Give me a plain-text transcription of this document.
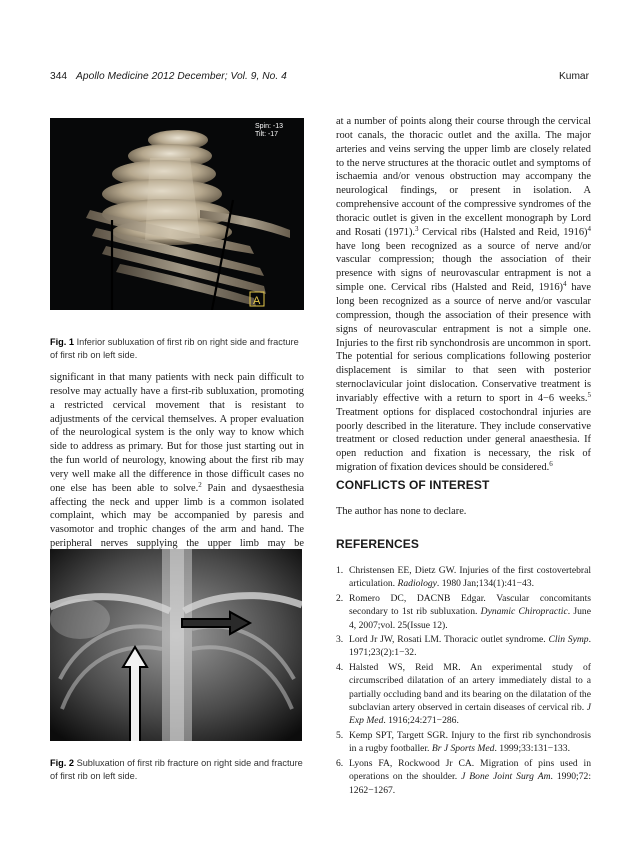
344 Apollo Medicine 2012 December; Vol. 9, No. 4	Kumar
Spin: -13
Tilt: -17
A
Fig. 1 Inferior subluxation of first rib on right side and fracture of first rib on left side.

significant in that many patients with neck pain difficult to resolve may actually have a first-rib subluxation, promoting a restricted cervical movement that is resistant to adjustments of the cervical themselves. A proper evaluation of the neurological system is the only way to know which side to address as primary. But for those just starting out in the fun world of neurology, knowing about the first rib may very well make all the difference in those difficult cases no one else has been able to solve.$^2$ Pain and dysaesthesia affecting the neck and upper limb is a common isolated complaint, which may be accompanied by paresis and vasomotor and trophic changes of the arm and hand. The peripheral nerves supplying the upper limb may be

Fig. 2 Subluxation of first rib fracture on right side and fracture of first rib on left side.

at a number of points along their course through the cervical root canals, the thoracic outlet and the axilla. The major arteries and veins serving the upper limb are closely related to the nerve structures at the thoracic outlet and symptoms of ischaemia and/or venous obstruction may accompany the neurological findings, or present in isolation. A comprehensive account of the compressive syndromes of the thoracic outlet is given in the excellent monograph by Lord and Rosati (1971).$^3$ Cervical ribs (Halsted and Reid, 1916)$^4$ have long been recognized as a source of nerve and/or vascular compression; though the association of their presence with signs of neurovascular entrapment is not a simple one. Cervical ribs (Halsted and Reid, 1916)$^4$ have long been recognized as a source of nerve and/or vascular compression, though the association of their presence with signs of neurovascular entrapment is not a simple one. Injuries to the first rib synchondrosis are uncommon in sport. The potential for serious complications following posterior displacement is similar to that seen with posterior sternoclavicular joint dislocation. Conservative treatment is invariably effective with a return to sport in 4−6 weeks.$^5$ Treatment options for displaced costochondral injuries are poorly described in the literature. They include conservative treatment or closed reduction under general anaesthesia. If open reduction and fixation is necessary, the risk of migration of fixation devices should be considered.$^6$

CONFLICTS OF INTEREST
The author has none to declare.
REFERENCES
1. Christensen EE, Dietz GW. Injuries of the first costovertebral articulation. Radiology. 1980 Jan;134(1):41−43.
2. Romero DC, DACNB Edgar. Vascular concomitants secondary to 1st rib subluxation. Dynamic Chiropractic. June 4, 2007;vol. 25(Issue 12).
3. Lord Jr JW, Rosati LM. Thoracic outlet syndrome. Clin Symp. 1971;23(2):1−32.
4. Halsted WS, Reid MR. An experimental study of circumscribed dilatation of an artery immediately distal to a partially occluding band and its bearing on the dilatation of the subclavian artery observed in certain diseases of cervical rib. J Exp Med. 1916;24:271−286.
5. Kemp SPT, Targett SGR. Injury to the first rib synchondrosis in a rugby footballer. Br J Sports Med. 1999;33:131−133.
6. Lyons FA, Rockwood Jr CA. Migration of pins used in operations on the shoulder. J Bone Joint Surg Am. 1990;72: 1262−1267.
